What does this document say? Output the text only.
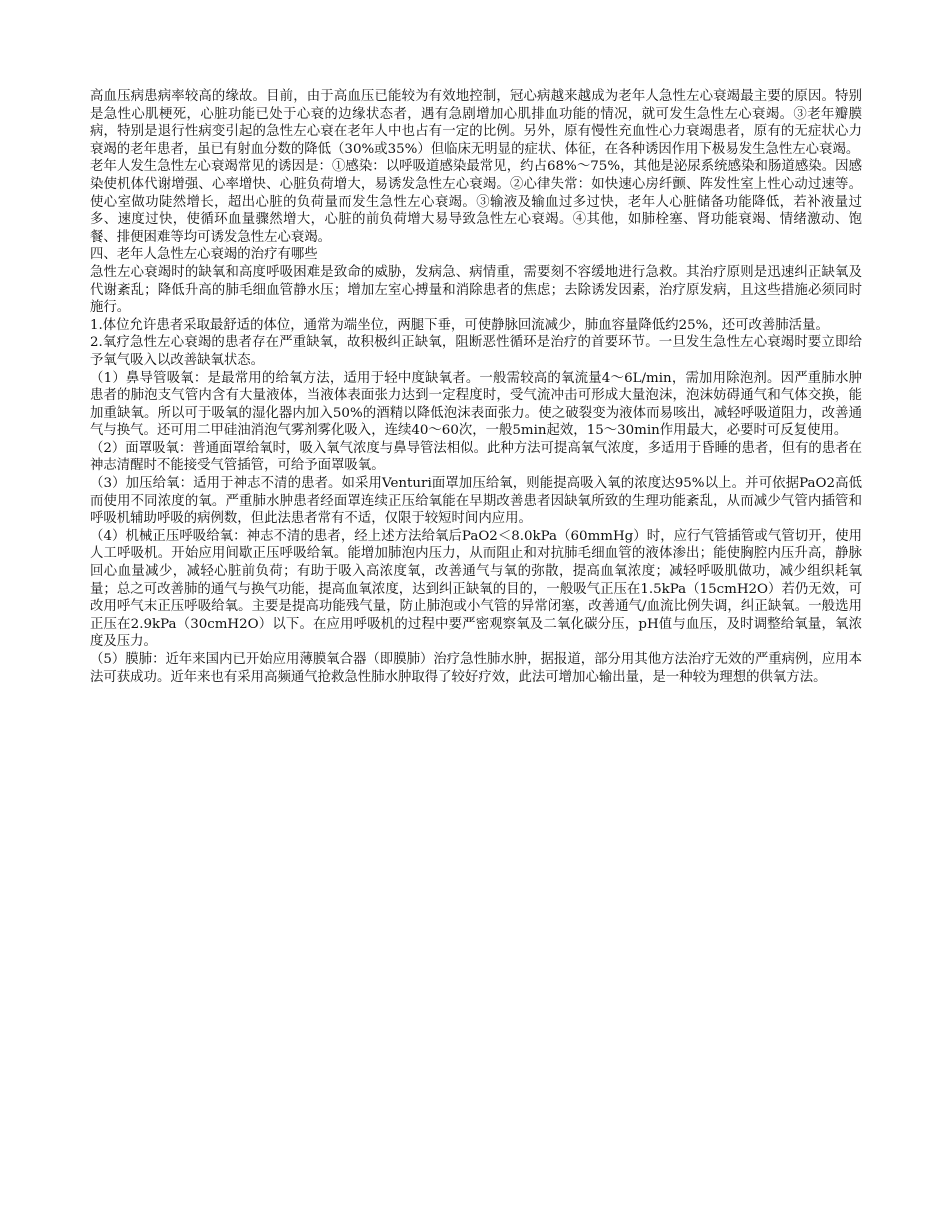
高血压病患病率较高的缘故。目前，由于高血压已能较为有效地控制，冠心病越来越成为老年人急性左心衰竭最主要的原因。特别是急性心肌梗死，心脏功能已处于心衰的边缘状态者，遇有急剧增加心肌排血功能的情况，就可发生急性左心衰竭。③老年瓣膜病，特别是退行性病变引起的急性左心衰在老年人中也占有一定的比例。另外，原有慢性充血性心力衰竭患者，原有的无症状心力衰竭的老年患者，虽已有射血分数的降低（30%或35%）但临床无明显的症状、体征，在各种诱因作用下极易发生急性左心衰竭。

老年人发生急性左心衰竭常见的诱因是：①感染：以呼吸道感染最常见，约占68%～75%，其他是泌尿系统感染和肠道感染。因感染使机体代谢增强、心率增快、心脏负荷增大，易诱发急性左心衰竭。②心律失常：如快速心房纤颤、阵发性室上性心动过速等。使心室做功陡然增长，超出心脏的负荷量而发生急性左心衰竭。③输液及输血过多过快，老年人心脏储备功能降低，若补液量过多、速度过快，使循环血量骤然增大，心脏的前负荷增大易导致急性左心衰竭。④其他，如肺栓塞、肾功能衰竭、情绪激动、饱餐、排便困难等均可诱发急性左心衰竭。

四、老年人急性左心衰竭的治疗有哪些

急性左心衰竭时的缺氧和高度呼吸困难是致命的威胁，发病急、病情重，需要刻不容缓地进行急救。其治疗原则是迅速纠正缺氧及代谢紊乱；降低升高的肺毛细血管静水压；增加左室心搏量和消除患者的焦虑；去除诱发因素，治疗原发病，且这些措施必须同时施行。

1.体位允许患者采取最舒适的体位，通常为端坐位，两腿下垂，可使静脉回流减少，肺血容量降低约25%，还可改善肺活量。

2.氧疗急性左心衰竭的患者存在严重缺氧，故积极纠正缺氧，阻断恶性循环是治疗的首要环节。一旦发生急性左心衰竭时要立即给予氧气吸入以改善缺氧状态。

（1）鼻导管吸氧：是最常用的给氧方法，适用于轻中度缺氧者。一般需较高的氧流量4～6L/min，需加用除泡剂。因严重肺水肿患者的肺泡支气管内含有大量液体，当液体表面张力达到一定程度时，受气流冲击可形成大量泡沫，泡沫妨碍通气和气体交换，能加重缺氧。所以可于吸氧的湿化器内加入50%的酒精以降低泡沫表面张力。使之破裂变为液体而易咳出，减轻呼吸道阻力，改善通气与换气。还可用二甲硅油消泡气雾剂雾化吸入，连续40～60次，一般5min起效，15～30min作用最大，必要时可反复使用。

（2）面罩吸氧：普通面罩给氧时，吸入氧气浓度与鼻导管法相似。此种方法可提高氧气浓度，多适用于昏睡的患者，但有的患者在神志清醒时不能接受气管插管，可给予面罩吸氧。

（3）加压给氧：适用于神志不清的患者。如采用Venturi面罩加压给氧，则能提高吸入氧的浓度达95%以上。并可依据PaO2高低而使用不同浓度的氧。严重肺水肿患者经面罩连续正压给氧能在早期改善患者因缺氧所致的生理功能紊乱，从而减少气管内插管和呼吸机辅助呼吸的病例数，但此法患者常有不适，仅限于较短时间内应用。

（4）机械正压呼吸给氧：神志不清的患者，经上述方法给氧后PaO2＜8.0kPa（60mmHg）时，应行气管插管或气管切开，使用人工呼吸机。开始应用间歇正压呼吸给氧。能增加肺泡内压力，从而阻止和对抗肺毛细血管的液体渗出；能使胸腔内压升高，静脉回心血量减少，减轻心脏前负荷；有助于吸入高浓度氧，改善通气与氧的弥散，提高血氧浓度；减轻呼吸肌做功，减少组织耗氧量；总之可改善肺的通气与换气功能，提高血氧浓度，达到纠正缺氧的目的，一般吸气正压在1.5kPa（15cmH2O）若仍无效，可改用呼气末正压呼吸给氧。主要是提高功能残气量，防止肺泡或小气管的异常闭塞，改善通气/血流比例失调，纠正缺氧。一般选用正压在2.9kPa（30cmH2O）以下。在应用呼吸机的过程中要严密观察氧及二氧化碳分压，pH值与血压，及时调整给氧量，氧浓度及压力。

（5）膜肺：近年来国内已开始应用薄膜氧合器（即膜肺）治疗急性肺水肿，据报道，部分用其他方法治疗无效的严重病例，应用本法可获成功。近年来也有采用高频通气抢救急性肺水肿取得了较好疗效，此法可增加心输出量，是一种较为理想的供氧方法。
